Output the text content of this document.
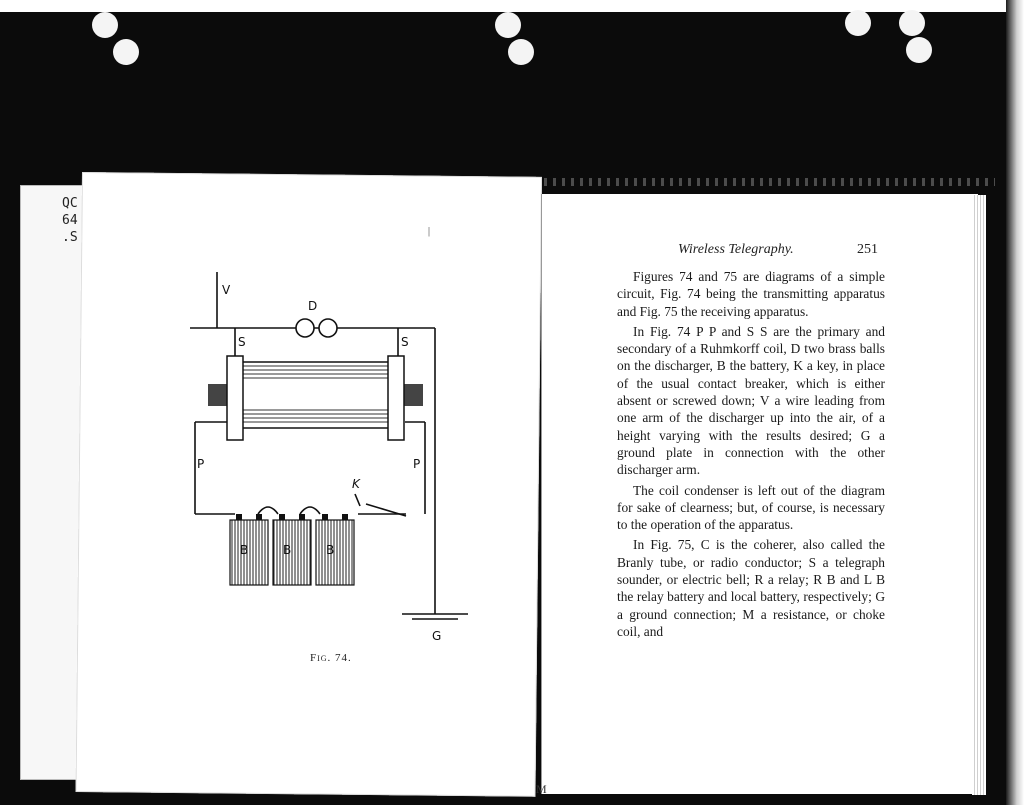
QC
64
.S	|
V
D
S	S
P	P
K
B	B	B
G
Fig. 74.
Wireless Telegraphy.	251

Figures 74 and 75 are diagrams of a simple circuit, Fig. 74 being the transmitting apparatus and Fig. 75 the receiving apparatus.

In Fig. 74 P P and S S are the primary and secondary of a Ruhmkorff coil, D two brass balls on the discharger, B the battery, K a key, in place of the usual contact breaker, which is either absent or screwed down; V a wire leading from one arm of the discharger up into the air, of a height varying with the results desired; G a ground plate in connection with the other discharger arm.

The coil condenser is left out of the diagram for sake of clearness; but, of course, is necessary to the operation of the apparatus.

In Fig. 75, C is the coherer, also called the Branly tube, or radio conductor; S a telegraph sounder, or electric bell; R a relay; R B and L B the relay battery and local battery, respectively; G a ground connection; M a resistance, or choke coil, and

M
